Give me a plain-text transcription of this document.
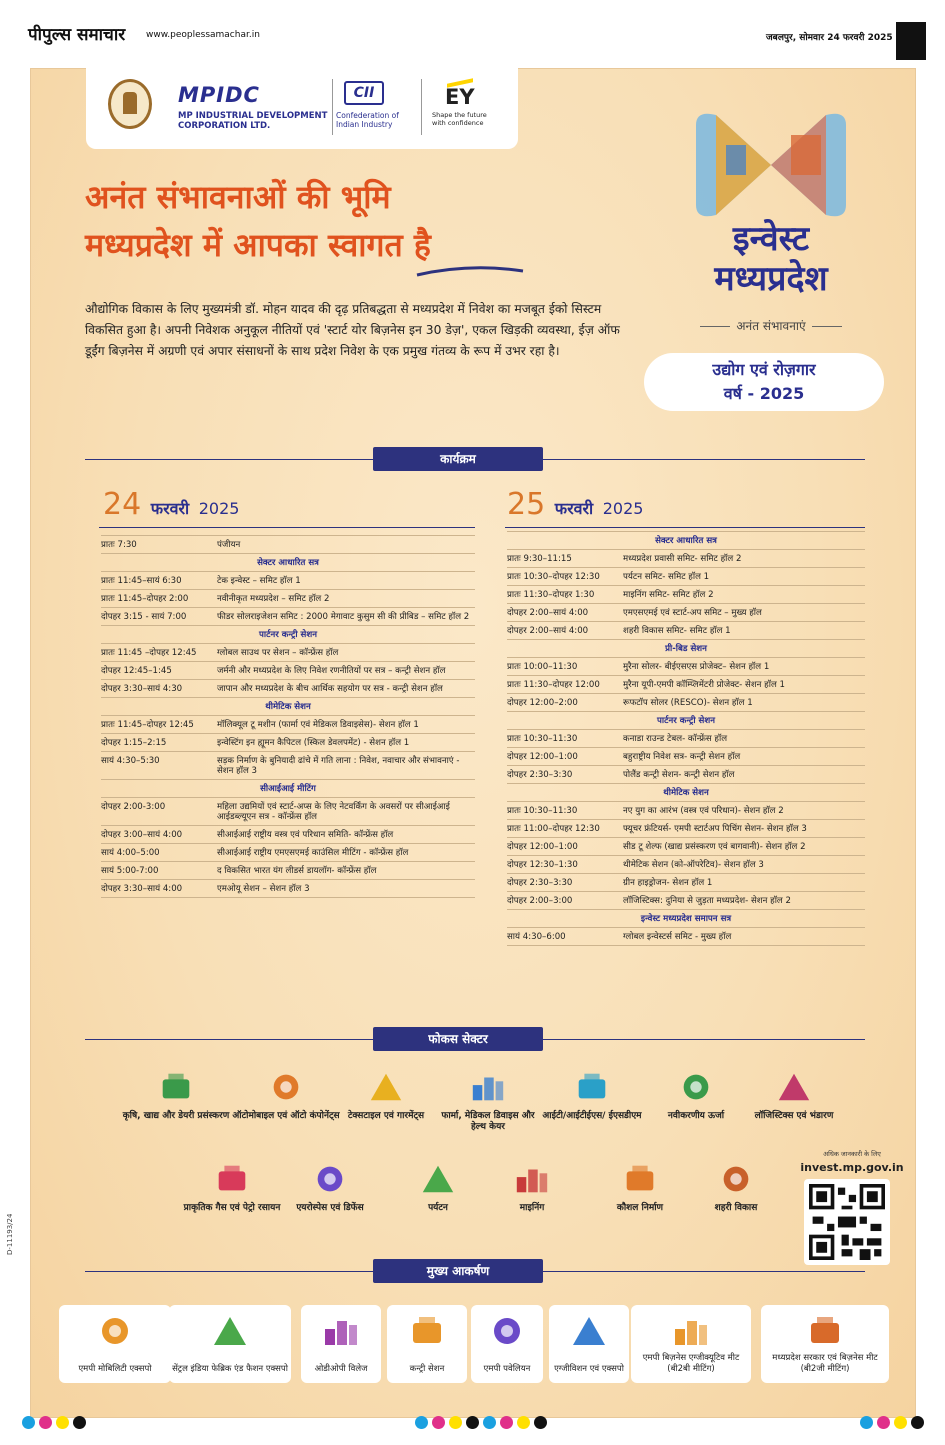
पीपुल्स समाचार www.peoplessamachar.in	जबलपुर, सोमवार 24 फरवरी 2025
D-11193/24
MPIDC
MP INDUSTRIAL DEVELOPMENT CORPORATION LTD.
CII
Confederation of Indian Industry
EY
Shape the future with confidence
अनंत संभावनाओं की भूमि
मध्यप्रदेश में आपका स्वागत है
औद्योगिक विकास के लिए मुख्यमंत्री डॉ. मोहन यादव की दृढ़ प्रतिबद्धता से मध्यप्रदेश में निवेश का मजबूत ईको सिस्टम विकसित हुआ है। अपनी निवेशक अनुकूल नीतियों एवं 'स्टार्ट योर बिज़नेस इन 30 डेज़', एकल खिड़की व्यवस्था, ईज़ ऑफ डूईंग बिज़नेस में अग्रणी एवं अपार संसाधनों के साथ प्रदेश निवेश के एक प्रमुख गंतव्य के रूप में उभर रहा है।
इन्वेस्ट
मध्यप्रदेश
अनंत संभावनाएं
उद्योग एवं रोज़गार
वर्ष - 2025
कार्यक्रम
24 फरवरी 2025	25 फरवरी 2025
प्रातः 7:30	पंजीयन
सेक्टर आधारित सत्र
प्रातः 11:45–सायं 6:30	टेक इन्वेस्ट – समिट हॉल 1
प्रातः 11:45–दोपहर 2:00	नवीनीकृत मध्यप्रदेश – समिट हॉल 2
दोपहर 3:15 - सायं 7:00	फीडर सोलराइजेशन समिट : 2000 मेगावाट कुसुम सी की प्रीबिड – समिट हॉल 2
पार्टनर कन्ट्री सेशन
प्रातः 11:45 –दोपहर 12:45	ग्लोबल साउथ पर सेशन – कॉन्फ्रेंस हॉल
दोपहर 12:45–1:45	जर्मनी और मध्यप्रदेश के लिए निवेश रणनीतियों पर सत्र – कन्ट्री सेशन हॉल
दोपहर 3:30–सायं 4:30	जापान और मध्यप्रदेश के बीच आर्थिक सहयोग पर सत्र - कन्ट्री सेशन हॉल
थीमेटिक सेशन
प्रातः 11:45–दोपहर 12:45	मॉलिक्यूल टू मशीन (फार्मा एवं मेडिकल डिवाइसेस)- सेशन हॉल 1
दोपहर 1:15–2:15	इन्वेस्टिंग इन ह्यूमन कैपिटल (स्किल डेवलपमेंट) - सेशन हॉल 1
सायं 4:30–5:30	सड़क निर्माण के बुनियादी ढांचे में गति लाना : निवेश, नवाचार और संभावनाएं - सेशन हॉल 3
सीआईआई मीटिंग
दोपहर 2:00-3:00	महिला उद्यमियों एवं स्टार्ट-अप्स के लिए नेटवर्किंग के अवसरों पर सीआईआई आईडब्ल्यूएन सत्र - कॉन्फ्रेंस हॉल
दोपहर 3:00–सायं 4:00	सीआईआई राष्ट्रीय वस्त्र एवं परिधान समिति- कॉन्फ्रेंस हॉल
सायं 4:00–5:00	सीआईआई राष्ट्रीय एमएसएमई काउंसिल मीटिंग - कॉन्फ्रेंस हॉल
सायं 5:00-7:00	द विकसित भारत यंग लीडर्स डायलॉग- कॉन्फ्रेंस हॉल
दोपहर 3:30–सायं 4:00	एमओयू सेशन – सेशन हॉल 3
सेक्टर आधारित सत्र
प्रातः 9:30–11:15	मध्यप्रदेश प्रवासी समिट- समिट हॉल 2
प्रातः 10:30–दोपहर 12:30	पर्यटन समिट- समिट हॉल 1
प्रातः 11:30–दोपहर 1:30	माइनिंग समिट- समिट हॉल 2
दोपहर 2:00–सायं 4:00	एमएसएमई एवं स्टार्ट-अप समिट – मुख्य हॉल
दोपहर 2:00–सायं 4:00	शहरी विकास समिट- समिट हॉल 1
प्री-बिड सेशन
प्रातः 10:00–11:30	मुरैना सोलर- बीईएसएस प्रोजेक्ट– सेशन हॉल 1
प्रातः 11:30–दोपहर 12:00	मुरैना यूपी-एमपी कॉम्प्लिमेंटरी प्रोजेक्ट- सेशन हॉल 1
दोपहर 12:00–2:00	रूफटॉप सोलर (RESCO)- सेशन हॉल 1
पार्टनर कन्ट्री सेशन
प्रातः 10:30–11:30	कनाडा राउन्ड टेबल- कॉन्फ्रेंस हॉल
दोपहर 12:00–1:00	बहुराष्ट्रीय निवेश सत्र- कन्ट्री सेशन हॉल
दोपहर 2:30–3:30	पोलैंड कन्ट्री सेशन- कन्ट्री सेशन हॉल
थीमेटिक सेशन
प्रातः 10:30–11:30	नए युग का आरंभ (वस्त्र एवं परिधान)- सेशन हॉल 2
प्रातः 11:00–दोपहर 12:30	फ्यूचर फ्रंटियर्स- एमपी स्टार्टअप पिचिंग सेशन- सेशन हॉल 3
दोपहर 12:00–1:00	सीड टू शेल्फ (खाद्य प्रसंस्करण एवं बागवानी)- सेशन हॉल 2
दोपहर 12:30–1:30	थीमेटिक सेशन (को-ऑपरेटिव)- सेशन हॉल 3
दोपहर 2:30–3:30	ग्रीन हाइड्रोजन- सेशन हॉल 1
दोपहर 2:00–3:00	लॉजिस्टिक्स: दुनिया से जुड़ता मध्यप्रदेश- सेशन हॉल 2
इन्वेस्ट मध्यप्रदेश समापन सत्र
सायं 4:30–6:00	ग्लोबल इन्वेस्टर्स समिट - मुख्य हॉल
फोकस सेक्टर
कृषि, खाद्य और डेयरी प्रसंस्करण ऑटोमोबाइल एवं ऑटो कंपोनेंट्स टेक्सटाइल एवं गारमेंट्स	फार्मा, मेडिकल डिवाइस और हेल्थ केयर
आईटी/आईटीईएस/ ईएसडीएम	नवीकरणीय ऊर्जा	लॉजिस्टिक्स एवं भंडारण
प्राकृतिक गैस एवं पेट्रो रसायन	एयरोस्पेस एवं डिफेंस	पर्यटन	माइनिंग	कौशल निर्माण	शहरी विकास
अधिक जानकारी के लिए
invest.mp.gov.in
मुख्य आकर्षण
एमपी मोबिलिटी एक्सपो	सेंट्रल इंडिया फेब्रिक एंड फैशन एक्सपो	ओडीओपी विलेज	कन्ट्री सेशन	एमपी पवेलियन	एग्जीविशन एवं एक्सपो
एमपी बिज़नेस एग्जीक्यूटिव मीट (बी2बी मीटिंग)
मध्यप्रदेश सरकार एवं बिज़नेस मीट (बी2जी मीटिंग)
